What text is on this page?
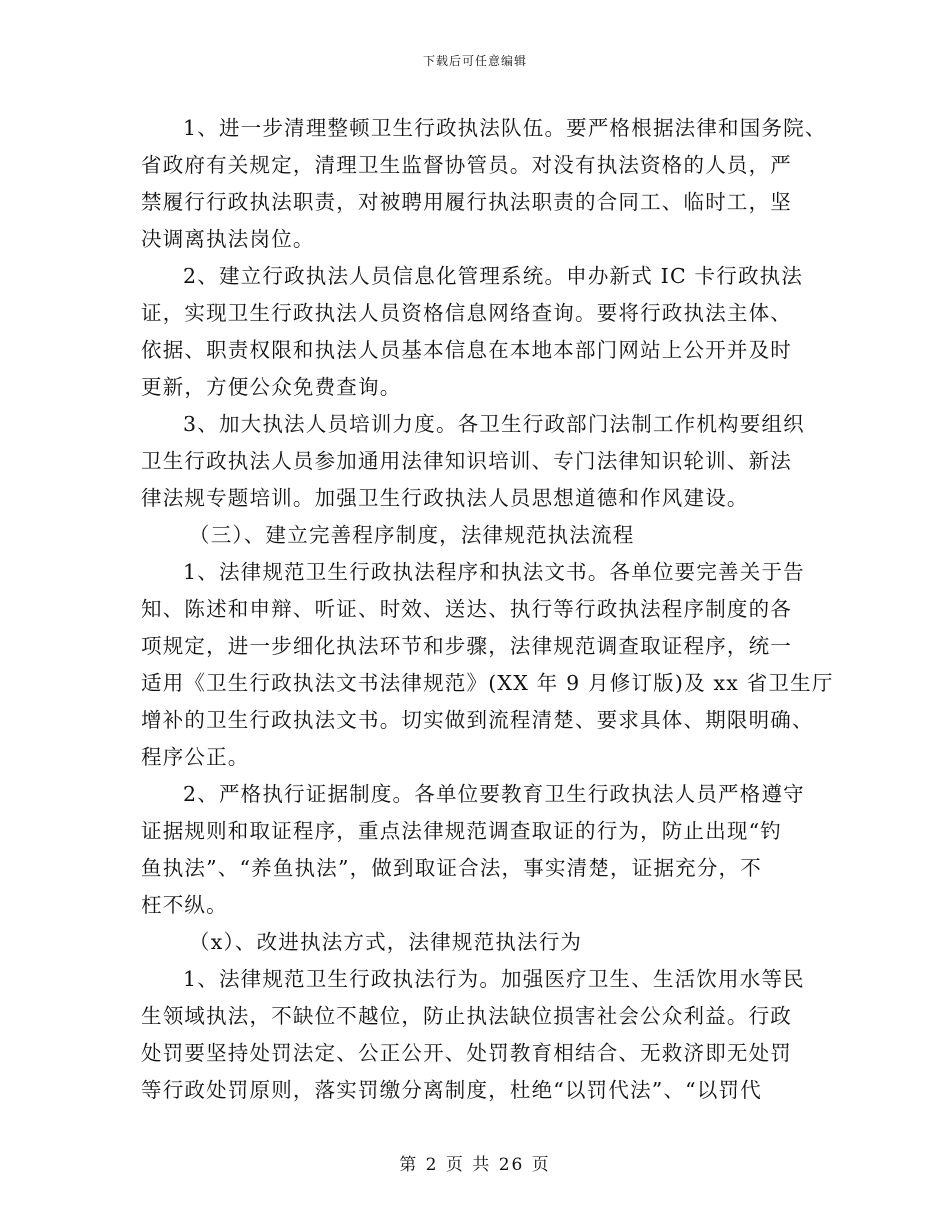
下载后可任意编辑
1、进一步清理整顿卫生行政执法队伍。要严格根据法律和国务院、
省政府有关规定，清理卫生监督协管员。对没有执法资格的人员，严
禁履行行政执法职责，对被聘用履行执法职责的合同工、临时工，坚
决调离执法岗位。
2、建立行政执法人员信息化管理系统。申办新式 IC 卡行政执法
证，实现卫生行政执法人员资格信息网络查询。要将行政执法主体、
依据、职责权限和执法人员基本信息在本地本部门网站上公开并及时
更新，方便公众免费查询。
3、加大执法人员培训力度。各卫生行政部门法制工作机构要组织
卫生行政执法人员参加通用法律知识培训、专门法律知识轮训、新法
律法规专题培训。加强卫生行政执法人员思想道德和作风建设。
（三）、建立完善程序制度，法律规范执法流程
1、法律规范卫生行政执法程序和执法文书。各单位要完善关于告
知、陈述和申辩、听证、时效、送达、执行等行政执法程序制度的各
项规定，进一步细化执法环节和步骤，法律规范调查取证程序，统一
适用《卫生行政执法文书法律规范》(XX 年 9 月修订版)及 xx 省卫生厅
增补的卫生行政执法文书。切实做到流程清楚、要求具体、期限明确、
程序公正。
2、严格执行证据制度。各单位要教育卫生行政执法人员严格遵守
证据规则和取证程序，重点法律规范调查取证的行为，防止出现“钓
鱼执法”、“养鱼执法”，做到取证合法，事实清楚，证据充分，不
枉不纵。
（x）、改进执法方式，法律规范执法行为
1、法律规范卫生行政执法行为。加强医疗卫生、生活饮用水等民
生领域执法，不缺位不越位，防止执法缺位损害社会公众利益。行政
处罚要坚持处罚法定、公正公开、处罚教育相结合、无救济即无处罚
等行政处罚原则，落实罚缴分离制度，杜绝“以罚代法”、“以罚代
第 2 页 共 26 页
